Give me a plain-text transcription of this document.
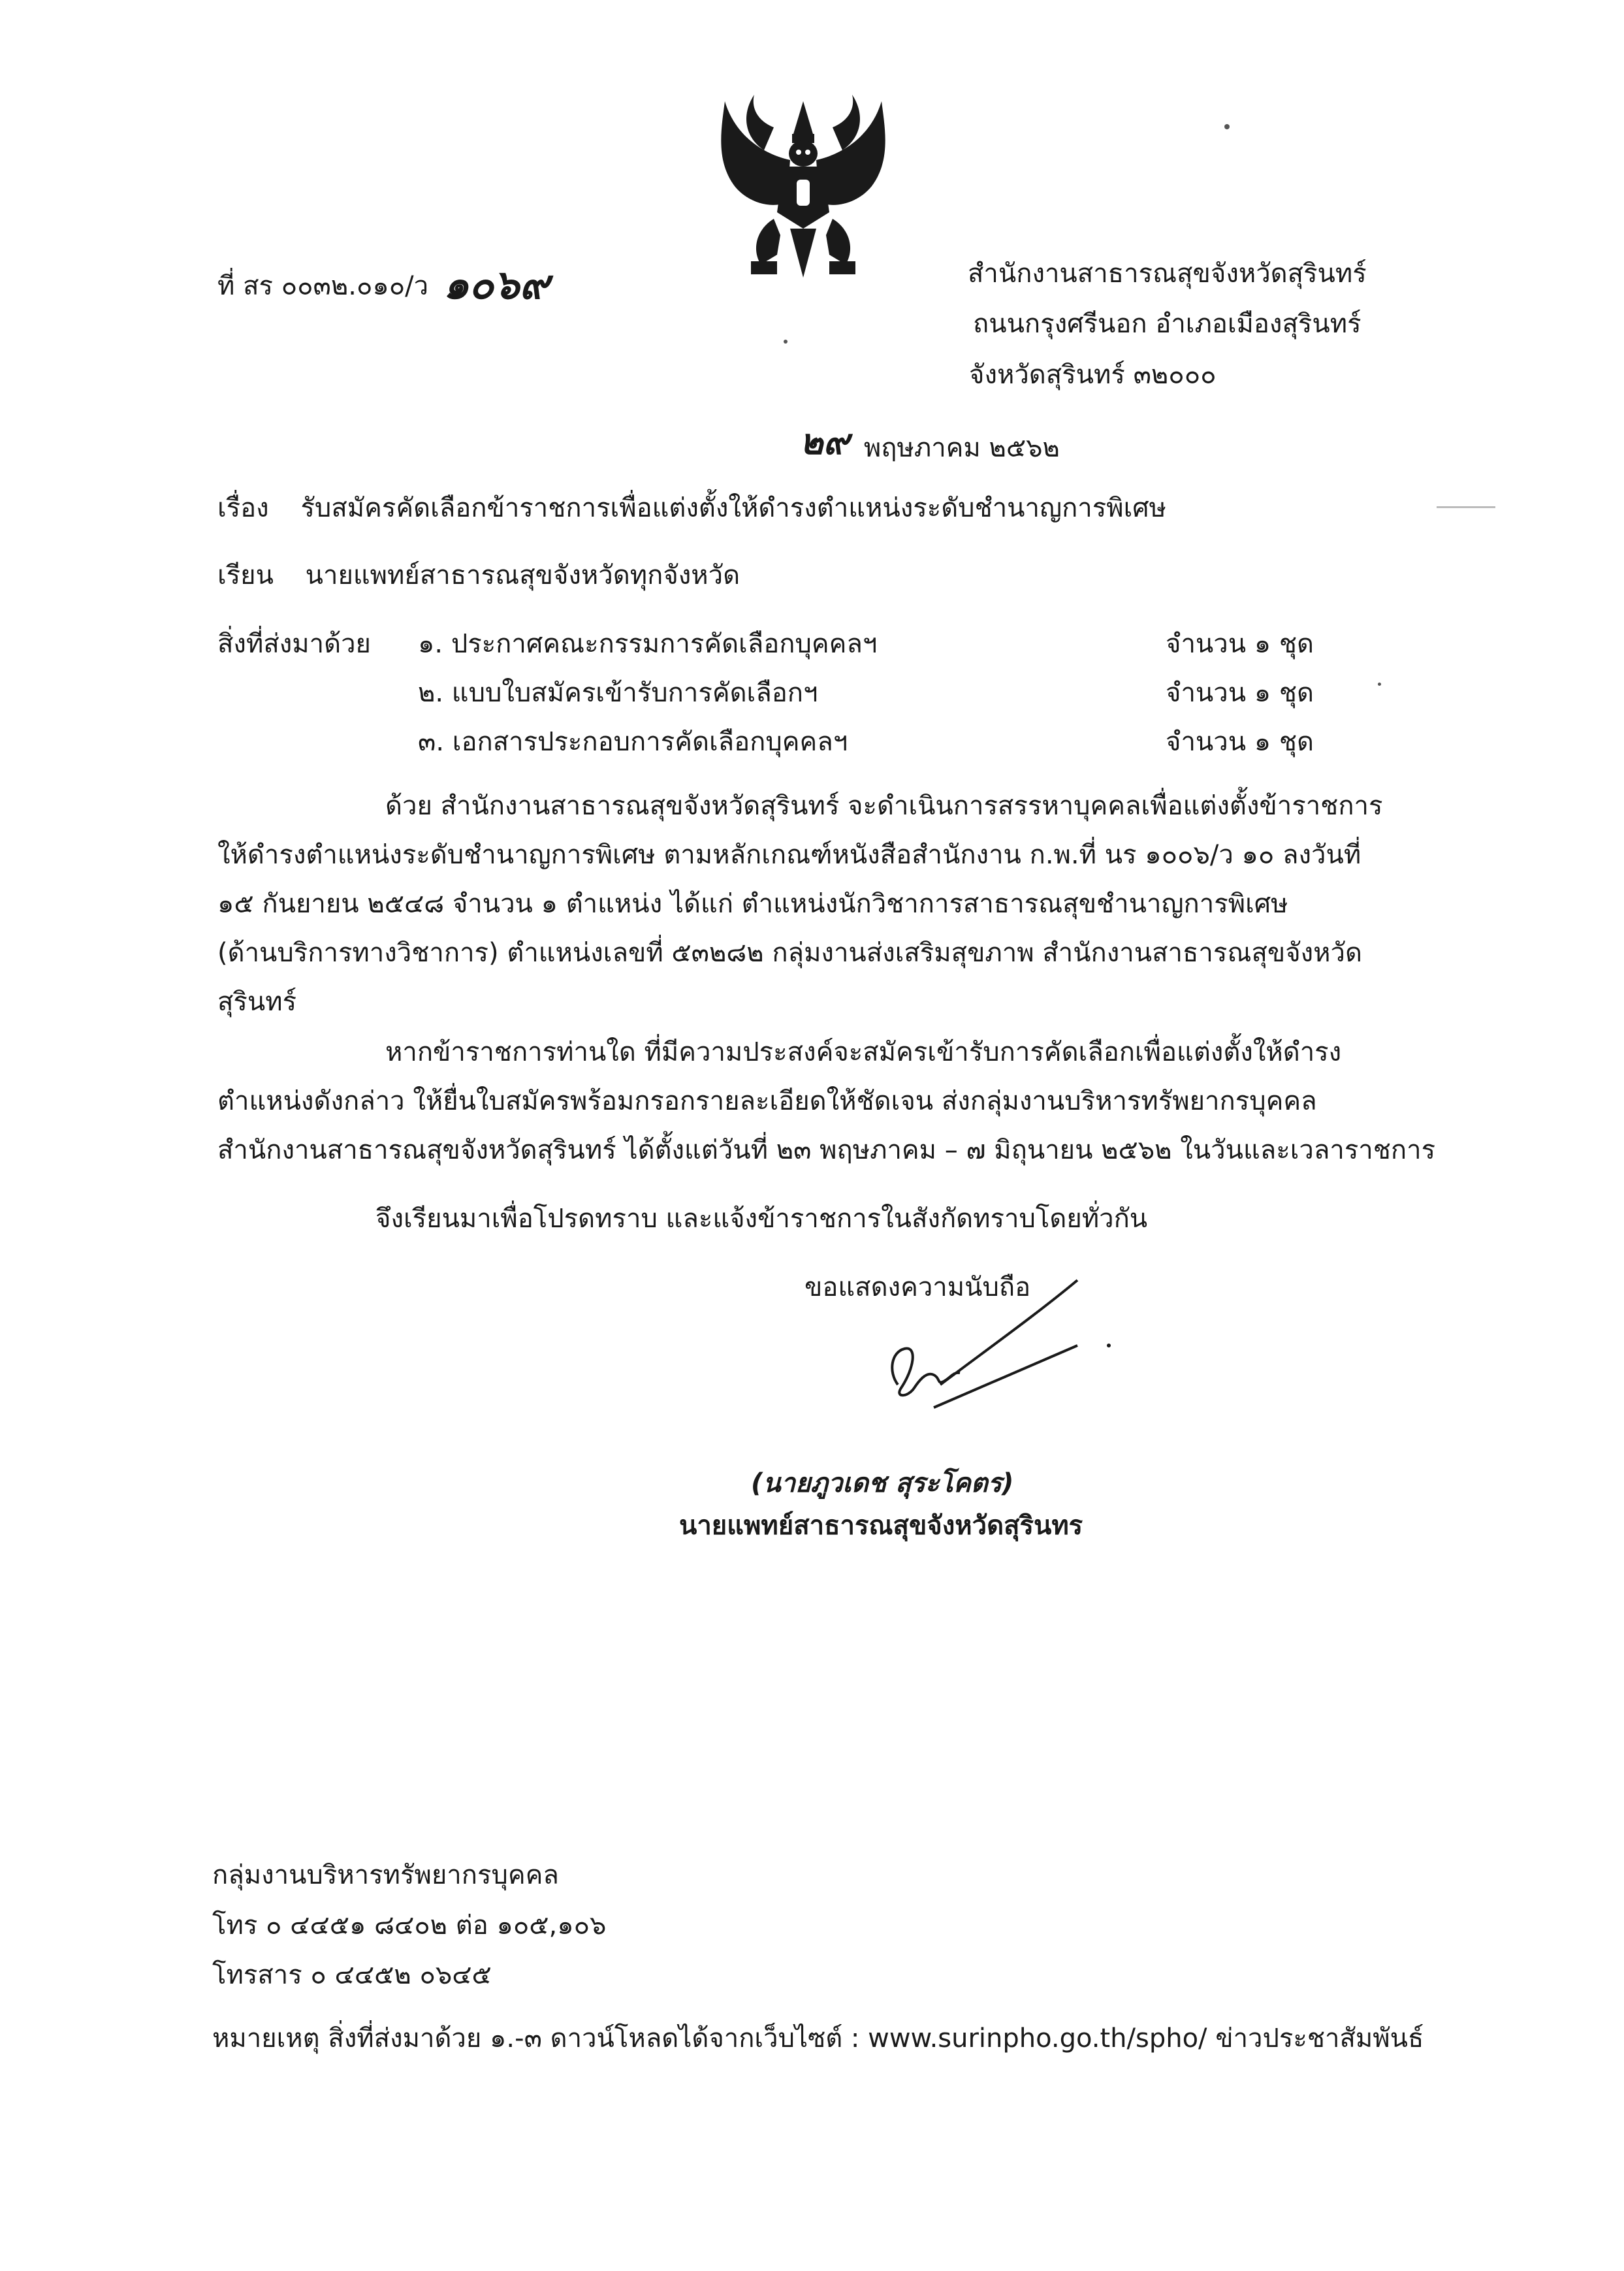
ที่ สร ๐๐๓๒.๐๑๐/ว ๑๐๖๙	สำนักงานสาธารณสุขจังหวัดสุรินทร์
ถนนกรุงศรีนอก อำเภอเมืองสุรินทร์
จังหวัดสุรินทร์ ๓๒๐๐๐
๒๙ พฤษภาคม ๒๕๖๒
เรื่อง รับสมัครคัดเลือกข้าราชการเพื่อแต่งตั้งให้ดำรงตำแหน่งระดับชำนาญการพิเศษ
เรียน นายแพทย์สาธารณสุขจังหวัดทุกจังหวัด
สิ่งที่ส่งมาด้วย ๑. ประกาศคณะกรรมการคัดเลือกบุคคลฯ	จำนวน ๑ ชุด
๒. แบบใบสมัครเข้ารับการคัดเลือกฯ	จำนวน ๑ ชุด
๓. เอกสารประกอบการคัดเลือกบุคคลฯ	จำนวน ๑ ชุด
ด้วย สำนักงานสาธารณสุขจังหวัดสุรินทร์ จะดำเนินการสรรหาบุคคลเพื่อแต่งตั้งข้าราชการ
ให้ดำรงตำแหน่งระดับชำนาญการพิเศษ ตามหลักเกณฑ์หนังสือสำนักงาน ก.พ.ที่ นร ๑๐๐๖/ว ๑๐ ลงวันที่
๑๕ กันยายน ๒๕๔๘ จำนวน ๑ ตำแหน่ง ได้แก่ ตำแหน่งนักวิชาการสาธารณสุขชำนาญการพิเศษ
(ด้านบริการทางวิชาการ) ตำแหน่งเลขที่ ๕๓๒๘๒ กลุ่มงานส่งเสริมสุขภาพ สำนักงานสาธารณสุขจังหวัด
สุรินทร์
หากข้าราชการท่านใด ที่มีความประสงค์จะสมัครเข้ารับการคัดเลือกเพื่อแต่งตั้งให้ดำรง
ตำแหน่งดังกล่าว ให้ยื่นใบสมัครพร้อมกรอกรายละเอียดให้ชัดเจน ส่งกลุ่มงานบริหารทรัพยากรบุคคล
สำนักงานสาธารณสุขจังหวัดสุรินทร์ ได้ตั้งแต่วันที่ ๒๓ พฤษภาคม – ๗ มิถุนายน ๒๕๖๒ ในวันและเวลาราชการ
จึงเรียนมาเพื่อโปรดทราบ และแจ้งข้าราชการในสังกัดทราบโดยทั่วกัน
ขอแสดงความนับถือ
(นายภูวเดช สุระโคตร)
นายแพทย์สาธารณสุขจังหวัดสุรินทร
กลุ่มงานบริหารทรัพยากรบุคคล
โทร ๐ ๔๔๕๑ ๘๔๐๒ ต่อ ๑๐๕,๑๐๖
โทรสาร ๐ ๔๔๕๒ ๐๖๔๕
หมายเหตุ สิ่งที่ส่งมาด้วย ๑.-๓ ดาวน์โหลดได้จากเว็บไซต์ : www.surinpho.go.th/spho/ ข่าวประชาสัมพันธ์
